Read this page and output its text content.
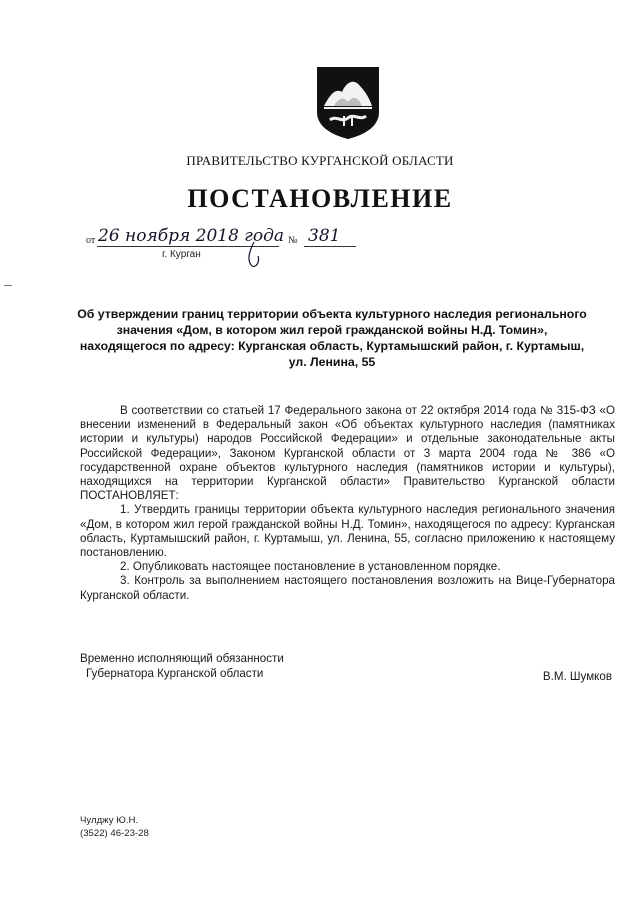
ПРАВИТЕЛЬСТВО КУРГАНСКОЙ ОБЛАСТИ
ПОСТАНОВЛЕНИЕ
от 26 ноября 2018 года № 381
г. Курган
Об утверждении границ территории объекта культурного наследия регионального значения «Дом, в котором жил герой гражданской войны Н.Д. Томин», находящегося по адресу: Курганская область, Куртамышский район, г. Куртамыш, ул. Ленина, 55

В соответствии со статьей 17 Федерального закона от 22 октября 2014 года № 315-ФЗ «О внесении изменений в Федеральный закон «Об объектах культурного наследия (памятниках истории и культуры) народов Российской Федерации» и отдельные законодательные акты Российской Федерации», Законом Курганской области от 3 марта 2004 года № 386 «О государственной охране объектов культурного наследия (памятников истории и культуры), находящихся на территории Курганской области» Правительство Курганской области ПОСТАНОВЛЯЕТ:

1. Утвердить границы территории объекта культурного наследия регионального значения «Дом, в котором жил герой гражданской войны Н.Д. Томин», находящегося по адресу: Курганская область, Куртамышский район, г. Куртамыш, ул. Ленина, 55, согласно приложению к настоящему постановлению.

2. Опубликовать настоящее постановление в установленном порядке.

3. Контроль за выполнением настоящего постановления возложить на Вице-Губернатора Курганской области.

Временно исполняющий обязанности
Губернатора Курганской области	В.М. Шумков
Чулджу Ю.Н.
(3522) 46-23-28
